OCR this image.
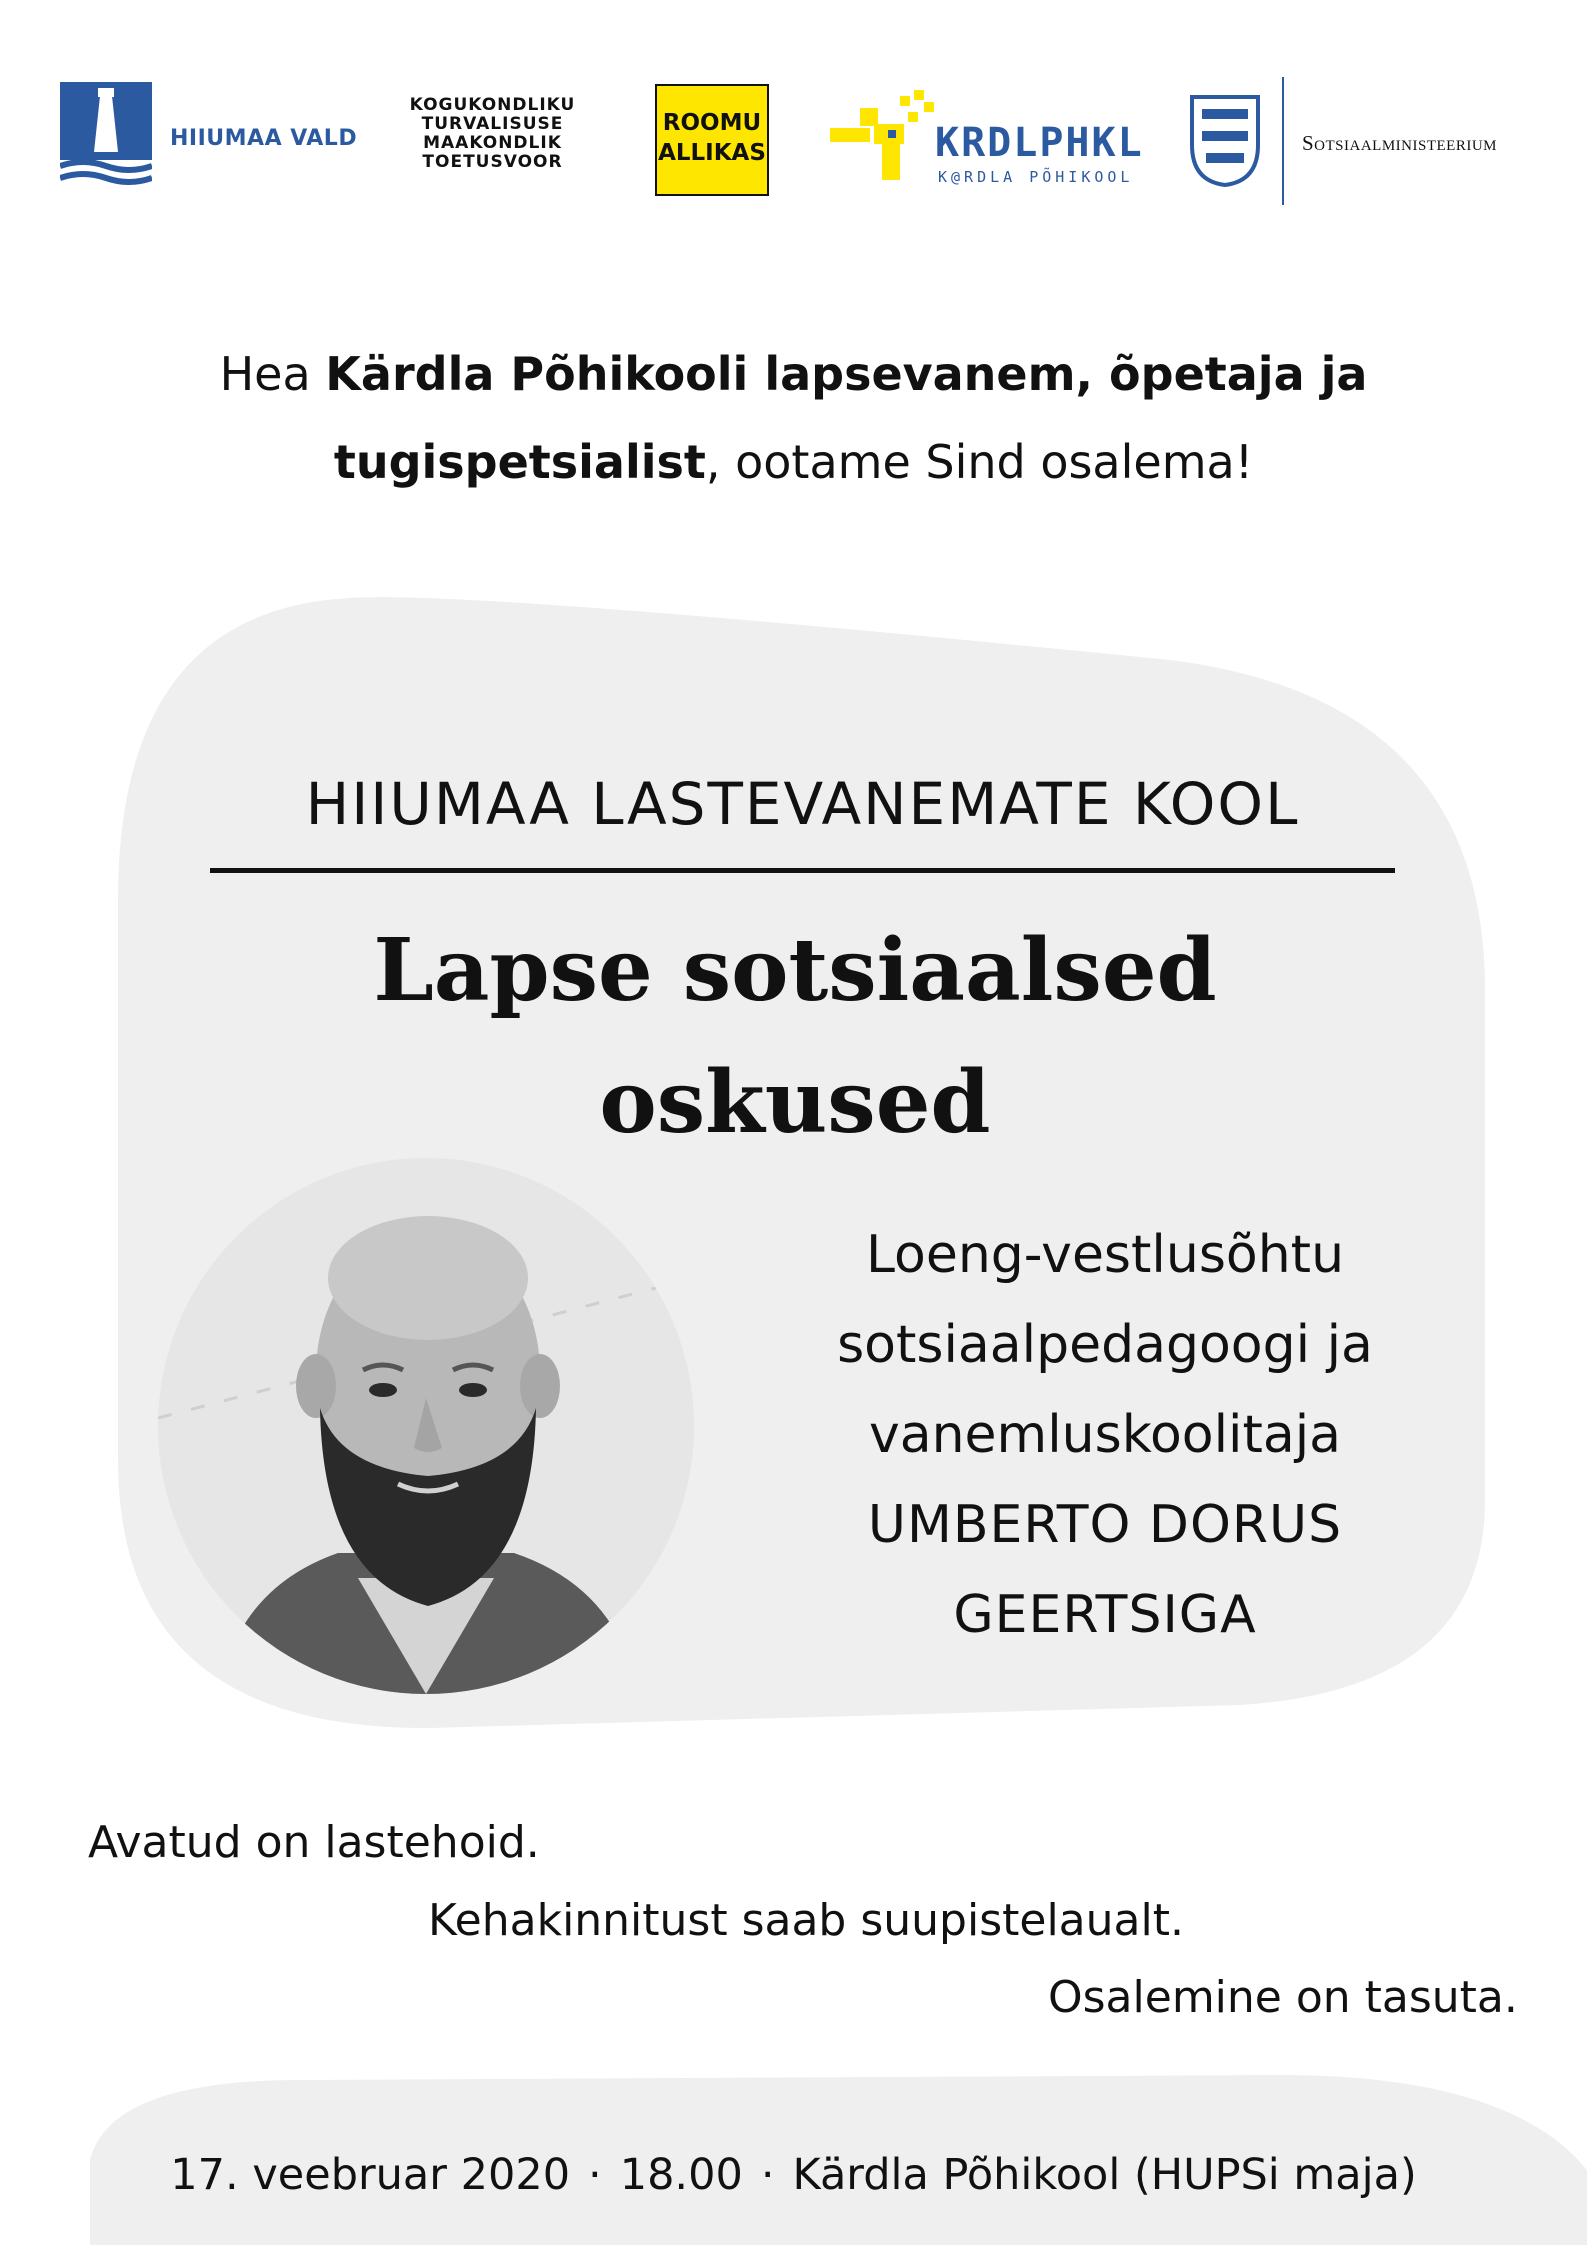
HIIUMAA VALD
KOGUKONDLIKU
TURVALISUSE
MAAKONDLIK
TOETUSVOOR
ROOMU
ALLIKAS	KRDLPHKL
K@RDLA PÕHIKOOL
Sotsiaalministeerium
Hea Kärdla Põhikooli lapsevanem, õpetaja ja
tugispetsialist, ootame Sind osalema!
HIIUMAA LASTEVANEMATE KOOL
Lapse sotsiaalsed
oskused
Loeng-vestlusõhtu
sotsiaalpedagoogi ja
vanemluskoolitaja
UMBERTO DORUS
GEERTSIGA
Avatud on lastehoid.
Kehakinnitust saab suupistelaualt.
Osalemine on tasuta.
17. veebruar 2020 · 18.00 · Kärdla Põhikool (HUPSi maja)
